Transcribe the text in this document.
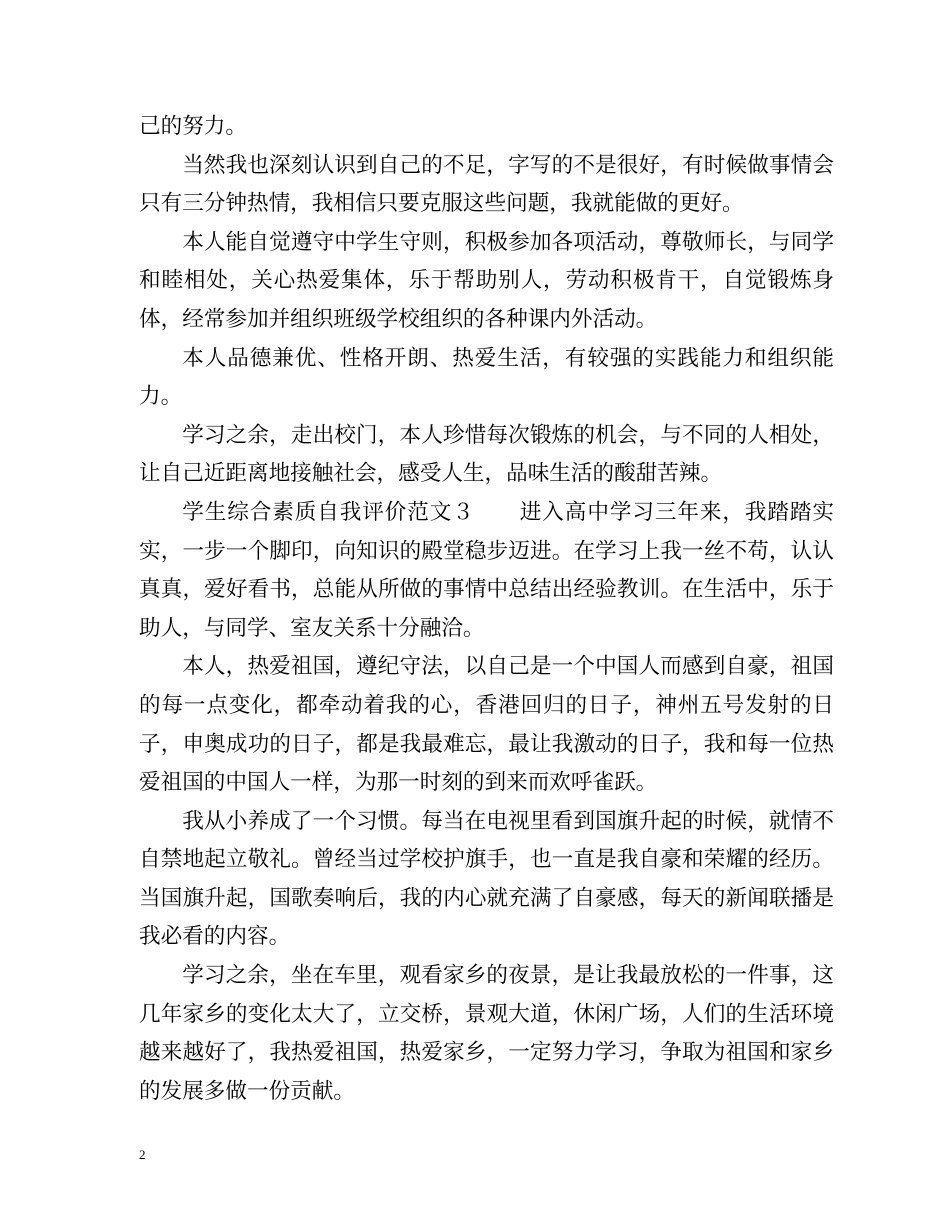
己的努力。

当然我也深刻认识到自己的不足，字写的不是很好，有时候做事情会只有三分钟热情，我相信只要克服这些问题，我就能做的更好。

本人能自觉遵守中学生守则，积极参加各项活动，尊敬师长，与同学和睦相处，关心热爱集体，乐于帮助别人，劳动积极肯干，自觉锻炼身体，经常参加并组织班级学校组织的各种课内外活动。

本人品德兼优、性格开朗、热爱生活，有较强的实践能力和组织能力。

学习之余，走出校门，本人珍惜每次锻炼的机会，与不同的人相处，让自己近距离地接触社会，感受人生，品味生活的酸甜苦辣。

学生综合素质自我评价范文３　　进入高中学习三年来，我踏踏实实，一步一个脚印，向知识的殿堂稳步迈进。在学习上我一丝不苟，认认真真，爱好看书，总能从所做的事情中总结出经验教训。在生活中，乐于助人，与同学、室友关系十分融洽。

本人，热爱祖国，遵纪守法，以自己是一个中国人而感到自豪，祖国的每一点变化，都牵动着我的心，香港回归的日子，神州五号发射的日子，申奥成功的日子，都是我最难忘，最让我激动的日子，我和每一位热爱祖国的中国人一样，为那一时刻的到来而欢呼雀跃。

我从小养成了一个习惯。每当在电视里看到国旗升起的时候，就情不自禁地起立敬礼。曾经当过学校护旗手，也一直是我自豪和荣耀的经历。当国旗升起，国歌奏响后，我的内心就充满了自豪感，每天的新闻联播是我必看的内容。

学习之余，坐在车里，观看家乡的夜景，是让我最放松的一件事，这几年家乡的变化太大了，立交桥，景观大道，休闲广场，人们的生活环境越来越好了，我热爱祖国，热爱家乡，一定努力学习，争取为祖国和家乡的发展多做一份贡献。

2
